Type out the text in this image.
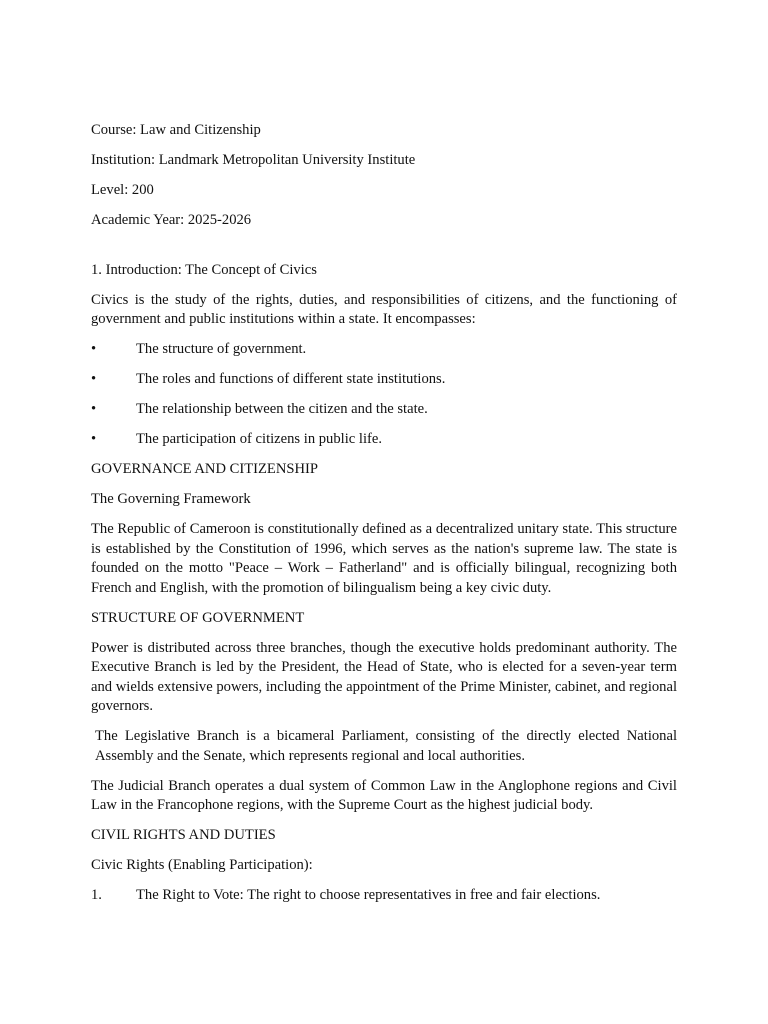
Course: Law and Citizenship

Institution: Landmark Metropolitan University Institute

Level: 200

Academic Year: 2025-2026

1. Introduction: The Concept of Civics

Civics is the study of the rights, duties, and responsibilities of citizens, and the functioning of government and public institutions within a state. It encompasses:

•	The structure of government.
•	The roles and functions of different state institutions.
•	The relationship between the citizen and the state.
•	The participation of citizens in public life.

GOVERNANCE AND CITIZENSHIP

The Governing Framework

The Republic of Cameroon is constitutionally defined as a decentralized unitary state. This structure is established by the Constitution of 1996, which serves as the nation's supreme law. The state is founded on the motto "Peace – Work – Fatherland" and is officially bilingual, recognizing both French and English, with the promotion of bilingualism being a key civic duty.

STRUCTURE OF GOVERNMENT

Power is distributed across three branches, though the executive holds predominant authority. The Executive Branch is led by the President, the Head of State, who is elected for a seven-year term and wields extensive powers, including the appointment of the Prime Minister, cabinet, and regional governors.

The Legislative Branch is a bicameral Parliament, consisting of the directly elected National Assembly and the Senate, which represents regional and local authorities.

The Judicial Branch operates a dual system of Common Law in the Anglophone regions and Civil Law in the Francophone regions, with the Supreme Court as the highest judicial body.

CIVIL RIGHTS AND DUTIES

Civic Rights (Enabling Participation):

1. The Right to Vote: The right to choose representatives in free and fair elections.
